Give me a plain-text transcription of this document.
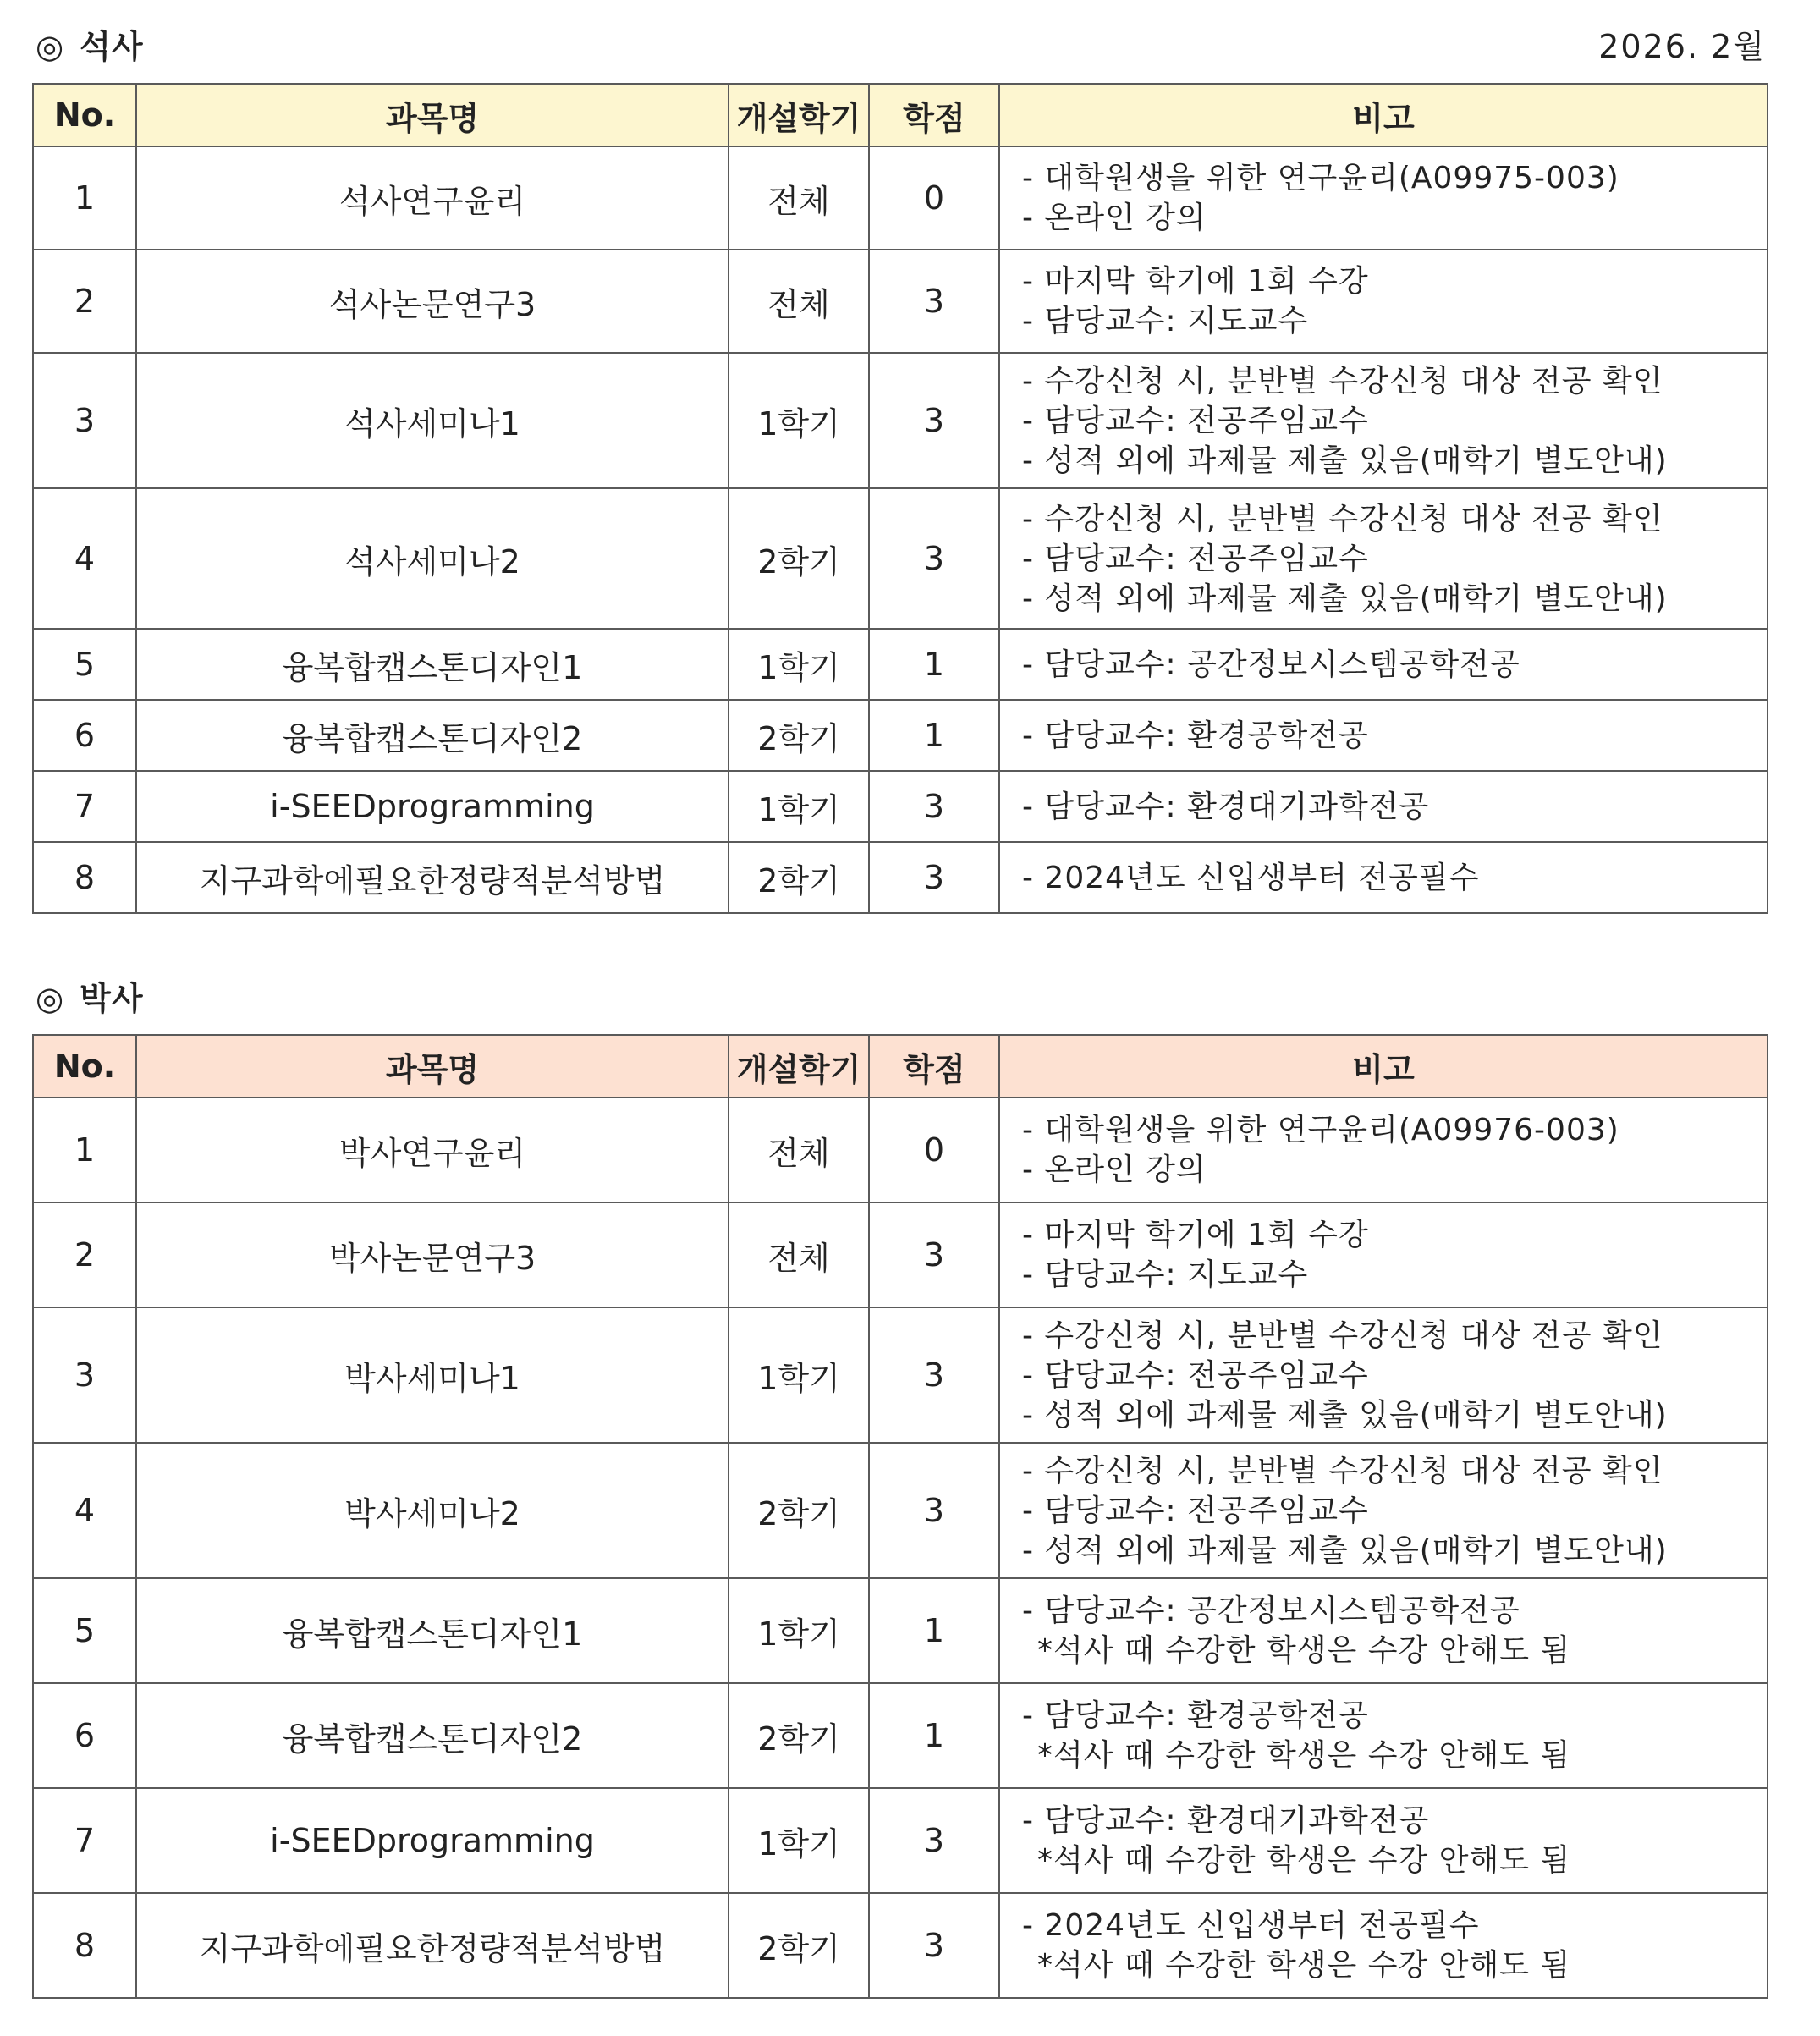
◎ 석사	2026. 2월
No.	과목명	개설학기	학점	비고
1	석사연구윤리	전체	0	- 대학원생을 위한 연구윤리(A09975-003)
- 온라인 강의

2	석사논문연구3	전체	3	- 마지막 학기에 1회 수강
- 담당교수: 지도교수

3	석사세미나1	1학기	3	- 수강신청 시, 분반별 수강신청 대상 전공 확인
- 담당교수: 전공주임교수
- 성적 외에 과제물 제출 있음(매학기 별도안내)

4	석사세미나2	2학기	3	- 수강신청 시, 분반별 수강신청 대상 전공 확인
- 담당교수: 전공주임교수
- 성적 외에 과제물 제출 있음(매학기 별도안내)

5	융복합캡스톤디자인1	1학기	1	- 담당교수: 공간정보시스템공학전공

6	융복합캡스톤디자인2	2학기	1	- 담당교수: 환경공학전공

7	i-SEEDprogramming	1학기	3	- 담당교수: 환경대기과학전공

8	지구과학에필요한정량적분석방법	2학기	3	- 2024년도 신입생부터 전공필수
◎ 박사
No.	과목명	개설학기	학점	비고
1	박사연구윤리	전체	0	- 대학원생을 위한 연구윤리(A09976-003)
- 온라인 강의

2	박사논문연구3	전체	3	- 마지막 학기에 1회 수강
- 담당교수: 지도교수

3	박사세미나1	1학기	3	- 수강신청 시, 분반별 수강신청 대상 전공 확인
- 담당교수: 전공주임교수
- 성적 외에 과제물 제출 있음(매학기 별도안내)

4	박사세미나2	2학기	3	- 수강신청 시, 분반별 수강신청 대상 전공 확인
- 담당교수: 전공주임교수
- 성적 외에 과제물 제출 있음(매학기 별도안내)

5	융복합캡스톤디자인1	1학기	1	- 담당교수: 공간정보시스템공학전공
*석사 때 수강한 학생은 수강 안해도 됨

6	융복합캡스톤디자인2	2학기	1	- 담당교수: 환경공학전공
*석사 때 수강한 학생은 수강 안해도 됨

7	i-SEEDprogramming	1학기	3	- 담당교수: 환경대기과학전공
*석사 때 수강한 학생은 수강 안해도 됨

8	지구과학에필요한정량적분석방법	2학기	3	- 2024년도 신입생부터 전공필수
*석사 때 수강한 학생은 수강 안해도 됨
